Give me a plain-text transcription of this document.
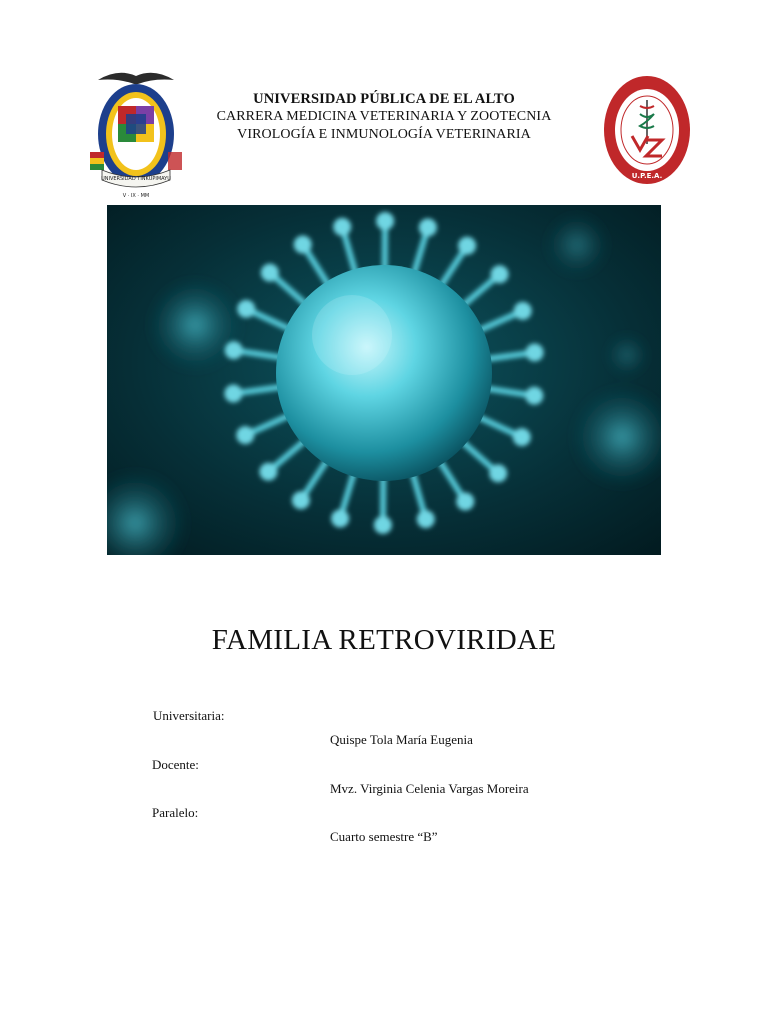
UNIVERSIDAD TINKUPIMAYU
V · IX · MM
UNIVERSIDAD PÚBLICA DE EL ALTO
CARRERA MEDICINA VETERINARIA Y ZOOTECNIA
VIROLOGÍA E INMUNOLOGÍA VETERINARIA
U.P.E.A.
FAMILIA RETROVIRIDAE
Universitaria:
Quispe Tola María Eugenia
Docente:
Mvz. Virginia Celenia Vargas Moreira
Paralelo:
Cuarto semestre “B”
